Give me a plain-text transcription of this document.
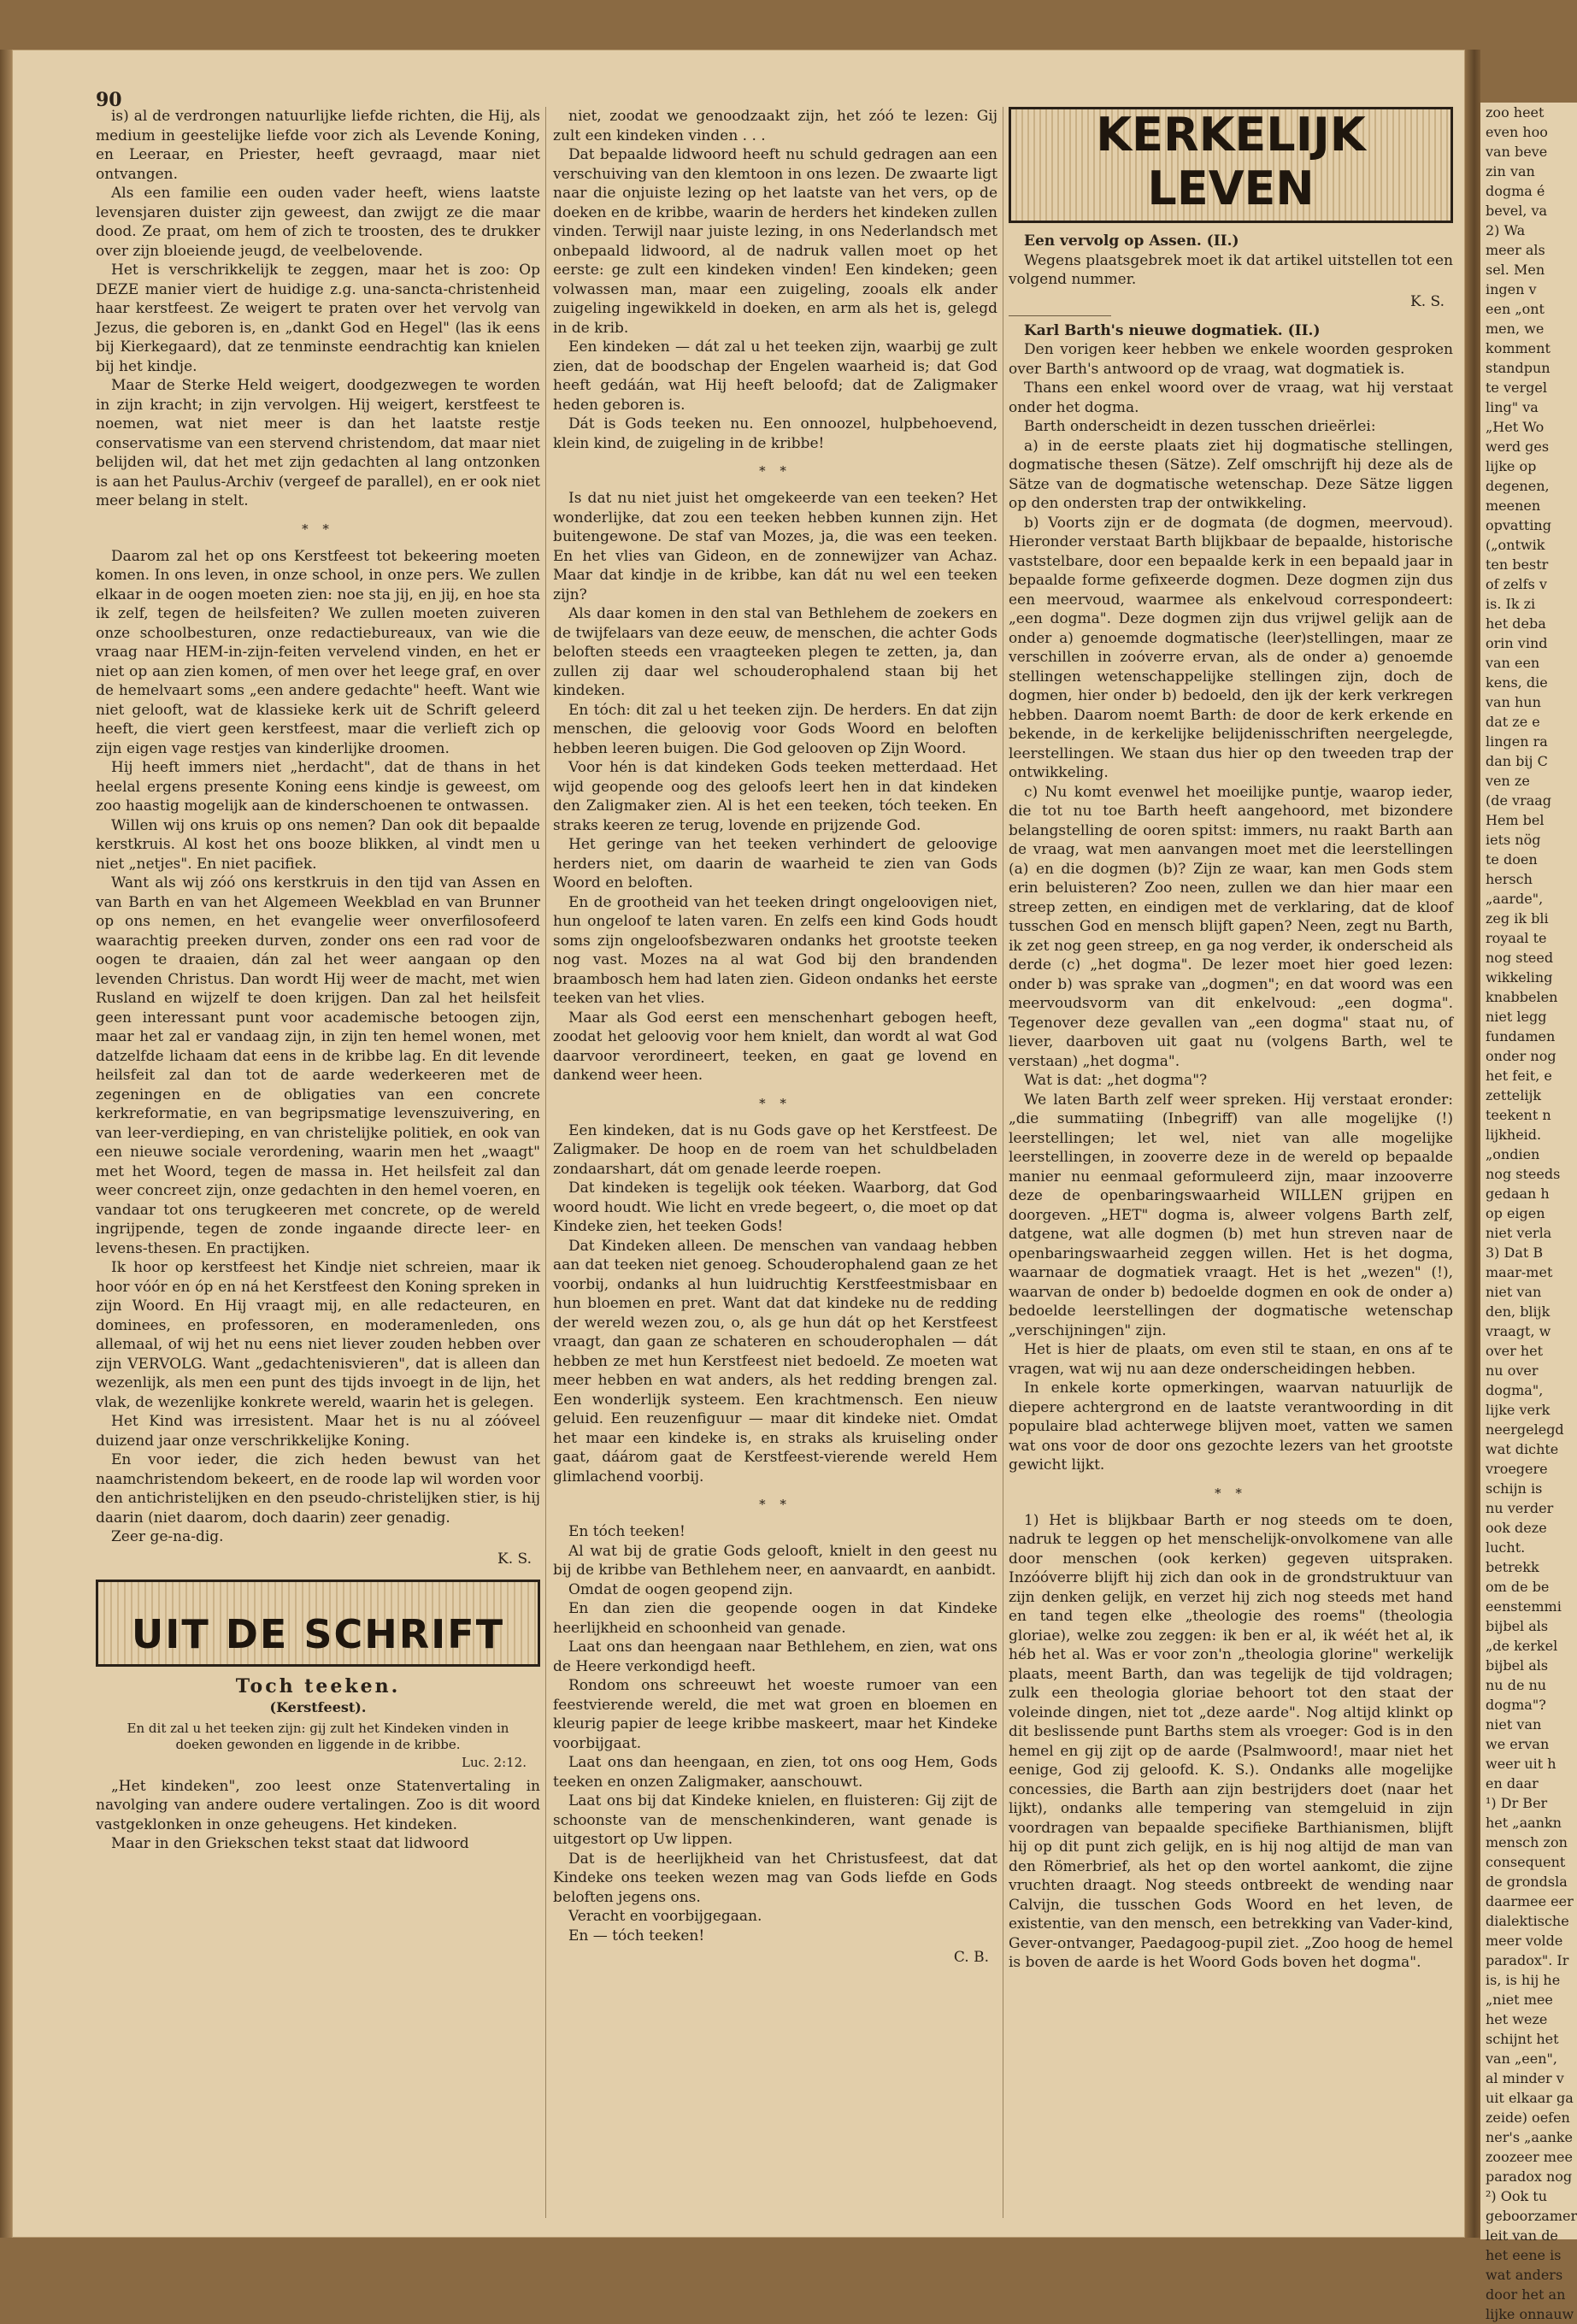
90

is) al de verdrongen natuurlijke liefde richten, die Hij, als medium in geestelijke liefde voor zich als Levende Koning, en Leeraar, en Priester, heeft gevraagd, maar niet ontvangen.

Als een familie een ouden vader heeft, wiens laatste levensjaren duister zijn geweest, dan zwijgt ze die maar dood. Ze praat, om hem of zich te troosten, des te drukker over zijn bloeiende jeugd, de veelbelovende.

Het is verschrikkelijk te zeggen, maar het is zoo: Op DEZE manier viert de huidige z.g. una-sancta-christenheid haar kerstfeest. Ze weigert te praten over het vervolg van Jezus, die geboren is, en „dankt God en Hegel" (las ik eens bij Kierkegaard), dat ze tenminste eendrachtig kan knielen bij het kindje.

Maar de Sterke Held weigert, doodgezwegen te worden in zijn kracht; in zijn vervolgen. Hij weigert, kerstfeest te noemen, wat niet meer is dan het laatste restje conservatisme van een stervend christendom, dat maar niet belijden wil, dat het met zijn gedachten al lang ontzonken is aan het Paulus-Archiv (vergeef de parallel), en er ook niet meer belang in stelt.

* *

Daarom zal het op ons Kerstfeest tot bekeering moeten komen. In ons leven, in onze school, in onze pers. We zullen elkaar in de oogen moeten zien: noe sta jij, en jij, en hoe sta ik zelf, tegen de heilsfeiten? We zullen moeten zuiveren onze schoolbesturen, onze redactiebureaux, van wie die vraag naar HEM-in-zijn-feiten vervelend vinden, en het er niet op aan zien komen, of men over het leege graf, en over de hemelvaart soms „een andere gedachte" heeft. Want wie niet gelooft, wat de klassieke kerk uit de Schrift geleerd heeft, die viert geen kerstfeest, maar die verlieft zich op zijn eigen vage restjes van kinderlijke droomen.

Hij heeft immers niet „herdacht", dat de thans in het heelal ergens presente Koning eens kindje is geweest, om zoo haastig mogelijk aan de kinderschoenen te ontwassen.

Willen wij ons kruis op ons nemen? Dan ook dit bepaalde kerstkruis. Al kost het ons booze blikken, al vindt men u niet „netjes". En niet pacifiek.

Want als wij zóó ons kerstkruis in den tijd van Assen en van Barth en van het Algemeen Weekblad en van Brunner op ons nemen, en het evangelie weer onverfilosofeerd waarachtig preeken durven, zonder ons een rad voor de oogen te draaien, dán zal het weer aangaan op den levenden Christus. Dan wordt Hij weer de macht, met wien Rusland en wijzelf te doen krijgen. Dan zal het heilsfeit geen interessant punt voor academische betoogen zijn, maar het zal er vandaag zijn, in zijn ten hemel wonen, met datzelfde lichaam dat eens in de kribbe lag. En dit levende heilsfeit zal dan tot de aarde wederkeeren met de zegeningen en de obligaties van een concrete kerkreformatie, en van begripsmatige levenszuivering, en van leer-verdieping, en van christelijke politiek, en ook van een nieuwe sociale verordening, waarin men het „waagt" met het Woord, tegen de massa in. Het heilsfeit zal dan weer concreet zijn, onze gedachten in den hemel voeren, en vandaar tot ons terugkeeren met concrete, op de wereld ingrijpende, tegen de zonde ingaande directe leer- en levens-thesen. En practijken.

Ik hoor op kerstfeest het Kindje niet schreien, maar ik hoor vóór en óp en ná het Kerstfeest den Koning spreken in zijn Woord. En Hij vraagt mij, en alle redacteuren, en dominees, en professoren, en moderamenleden, ons allemaal, of wij het nu eens niet liever zouden hebben over zijn VERVOLG. Want „gedachtenisvieren", dat is alleen dan wezenlijk, als men een punt des tijds invoegt in de lijn, het vlak, de wezenlijke konkrete wereld, waarin het is gelegen.

Het Kind was irresistent. Maar het is nu al zóóveel duizend jaar onze verschrikkelijke Koning.

En voor ieder, die zich heden bewust van het naamchristendom bekeert, en de roode lap wil worden voor den antichristelijken en den pseudo-christelijken stier, is hij daarin (niet daarom, doch daarin) zeer genadig.

Zeer ge-na-dig.

K. S.
UIT DE SCHRIFT
Toch teeken.
(Kerstfeest).
En dit zal u het teeken zijn: gij zult het Kindeken vinden in doeken gewonden en liggende in de kribbe.
Luc. 2:12.

„Het kindeken", zoo leest onze Statenvertaling in navolging van andere oudere vertalingen. Zoo is dit woord vastgeklonken in onze geheugens. Het kindeken.

Maar in den Griekschen tekst staat dat lidwoord

niet, zoodat we genoodzaakt zijn, het zóó te lezen: Gij zult een kindeken vinden . . .

Dat bepaalde lidwoord heeft nu schuld gedragen aan een verschuiving van den klemtoon in ons lezen. De zwaarte ligt naar die onjuiste lezing op het laatste van het vers, op de doeken en de kribbe, waarin de herders het kindeken zullen vinden. Terwijl naar juiste lezing, in ons Nederlandsch met onbepaald lidwoord, al de nadruk vallen moet op het eerste: ge zult een kindeken vinden! Een kindeken; geen volwassen man, maar een zuigeling, zooals elk ander zuigeling ingewikkeld in doeken, en arm als het is, gelegd in de krib.

Een kindeken — dát zal u het teeken zijn, waarbij ge zult zien, dat de boodschap der Engelen waarheid is; dat God heeft gedáán, wat Hij heeft beloofd; dat de Zaligmaker heden geboren is.

Dát is Gods teeken nu. Een onnoozel, hulpbehoevend, klein kind, de zuigeling in de kribbe!

* *

Is dat nu niet juist het omgekeerde van een teeken? Het wonderlijke, dat zou een teeken hebben kunnen zijn. Het buitengewone. De staf van Mozes, ja, die was een teeken. En het vlies van Gideon, en de zonnewijzer van Achaz. Maar dat kindje in de kribbe, kan dát nu wel een teeken zijn?

Als daar komen in den stal van Bethlehem de zoekers en de twijfelaars van deze eeuw, de menschen, die achter Gods beloften steeds een vraagteeken plegen te zetten, ja, dan zullen zij daar wel schouderophalend staan bij het kindeken.

En tóch: dit zal u het teeken zijn. De herders. En dat zijn menschen, die geloovig voor Gods Woord en beloften hebben leeren buigen. Die God gelooven op Zijn Woord.

Voor hén is dat kindeken Gods teeken metterdaad. Het wijd geopende oog des geloofs leert hen in dat kindeken den Zaligmaker zien. Al is het een teeken, tóch teeken. En straks keeren ze terug, lovende en prijzende God.

Het geringe van het teeken verhindert de geloovige herders niet, om daarin de waarheid te zien van Gods Woord en beloften.

En de grootheid van het teeken dringt ongeloovigen niet, hun ongeloof te laten varen. En zelfs een kind Gods houdt soms zijn ongeloofsbezwaren ondanks het grootste teeken nog vast. Mozes na al wat God bij den brandenden braambosch hem had laten zien. Gideon ondanks het eerste teeken van het vlies.

Maar als God eerst een menschenhart gebogen heeft, zoodat het geloovig voor hem knielt, dan wordt al wat God daarvoor verordineert, teeken, en gaat ge lovend en dankend weer heen.

* *

Een kindeken, dat is nu Gods gave op het Kerstfeest. De Zaligmaker. De hoop en de roem van het schuldbeladen zondaarshart, dát om genade leerde roepen.

Dat kindeken is tegelijk ook téeken. Waarborg, dat God woord houdt. Wie licht en vrede begeert, o, die moet op dat Kindeke zien, het teeken Gods!

Dat Kindeken alleen. De menschen van vandaag hebben aan dat teeken niet genoeg. Schouderophalend gaan ze het voorbij, ondanks al hun luidruchtig Kerstfeestmisbaar en hun bloemen en pret. Want dat dat kindeke nu de redding der wereld wezen zou, o, als ge hun dát op het Kerstfeest vraagt, dan gaan ze schateren en schouderophalen — dát hebben ze met hun Kerstfeest niet bedoeld. Ze moeten wat meer hebben en wat anders, als het redding brengen zal. Een wonderlijk systeem. Een krachtmensch. Een nieuw geluid. Een reuzenfiguur — maar dit kindeke niet. Omdat het maar een kindeke is, en straks als kruiseling onder gaat, dáárom gaat de Kerstfeest-vierende wereld Hem glimlachend voorbij.

* *

En tóch teeken!

Al wat bij de gratie Gods gelooft, knielt in den geest nu bij de kribbe van Bethlehem neer, en aanvaardt, en aanbidt.

Omdat de oogen geopend zijn.

En dan zien die geopende oogen in dat Kindeke heerlijkheid en schoonheid van genade.

Laat ons dan heengaan naar Bethlehem, en zien, wat ons de Heere verkondigd heeft.

Rondom ons schreeuwt het woeste rumoer van een feestvierende wereld, die met wat groen en bloemen en kleurig papier de leege kribbe maskeert, maar het Kindeke voorbijgaat.

Laat ons dan heengaan, en zien, tot ons oog Hem, Gods teeken en onzen Zaligmaker, aanschouwt.

Laat ons bij dat Kindeke knielen, en fluisteren: Gij zijt de schoonste van de menschenkinderen, want genade is uitgestort op Uw lippen.

Dat is de heerlijkheid van het Christusfeest, dat dat Kindeke ons teeken wezen mag van Gods liefde en Gods beloften jegens ons.

Veracht en voorbijgegaan.

En — tóch teeken!

C. B.
KERKELIJK LEVEN

Een vervolg op Assen. (II.)

Wegens plaatsgebrek moet ik dat artikel uitstellen tot een volgend nummer.

K. S.

Karl Barth's nieuwe dogmatiek. (II.)

Den vorigen keer hebben we enkele woorden gesproken over Barth's antwoord op de vraag, wat dogmatiek is.

Thans een enkel woord over de vraag, wat hij verstaat onder het dogma.

Barth onderscheidt in dezen tusschen drieërlei:

a) in de eerste plaats ziet hij dogmatische stellingen, dogmatische thesen (Sätze). Zelf omschrijft hij deze als de Sätze van de dogmatische wetenschap. Deze Sätze liggen op den ondersten trap der ontwikkeling.

b) Voorts zijn er de dogmata (de dogmen, meervoud). Hieronder verstaat Barth blijkbaar de bepaalde, historische vaststelbare, door een bepaalde kerk in een bepaald jaar in bepaalde forme gefixeerde dogmen. Deze dogmen zijn dus een meervoud, waarmee als enkelvoud correspondeert: „een dogma". Deze dogmen zijn dus vrijwel gelijk aan de onder a) genoemde dogmatische (leer)stellingen, maar ze verschillen in zoóverre ervan, als de onder a) genoemde stellingen wetenschappelijke stellingen zijn, doch de dogmen, hier onder b) bedoeld, den ijk der kerk verkregen hebben. Daarom noemt Barth: de door de kerk erkende en bekende, in de kerkelijke belijdenisschriften neergelegde, leerstellingen. We staan dus hier op den tweeden trap der ontwikkeling.

c) Nu komt evenwel het moeilijke puntje, waarop ieder, die tot nu toe Barth heeft aangehoord, met bizondere belangstelling de ooren spitst: immers, nu raakt Barth aan de vraag, wat men aanvangen moet met die leerstellingen (a) en die dogmen (b)? Zijn ze waar, kan men Gods stem erin beluisteren? Zoo neen, zullen we dan hier maar een streep zetten, en eindigen met de verklaring, dat de kloof tusschen God en mensch blijft gapen? Neen, zegt nu Barth, ik zet nog geen streep, en ga nog verder, ik onderscheid als derde (c) „het dogma". De lezer moet hier goed lezen: onder b) was sprake van „dogmen"; en dat woord was een meervoudsvorm van dit enkelvoud: „een dogma". Tegenover deze gevallen van „een dogma" staat nu, of liever, daarboven uit gaat nu (volgens Barth, wel te verstaan) „het dogma".

Wat is dat: „het dogma"?

We laten Barth zelf weer spreken. Hij verstaat eronder: „die summatiing (Inbegriff) van alle mogelijke (!) leerstellingen; let wel, niet van alle mogelijke leerstellingen, in zooverre deze in de wereld op bepaalde manier nu eenmaal geformuleerd zijn, maar inzooverre deze de openbaringswaarheid WILLEN grijpen en doorgeven. „HET" dogma is, alweer volgens Barth zelf, datgene, wat alle dogmen (b) met hun streven naar de openbaringswaarheid zeggen willen. Het is het dogma, waarnaar de dogmatiek vraagt. Het is het „wezen" (!), waarvan de onder b) bedoelde dogmen en ook de onder a) bedoelde leerstellingen der dogmatische wetenschap „verschijningen" zijn.

Het is hier de plaats, om even stil te staan, en ons af te vragen, wat wij nu aan deze onderscheidingen hebben.

In enkele korte opmerkingen, waarvan natuurlijk de diepere achtergrond en de laatste verantwoording in dit populaire blad achterwege blijven moet, vatten we samen wat ons voor de door ons gezochte lezers van het grootste gewicht lijkt.

* *

1) Het is blijkbaar Barth er nog steeds om te doen, nadruk te leggen op het menschelijk-onvolkomene van alle door menschen (ook kerken) gegeven uitspraken. Inzóóverre blijft hij zich dan ook in de grondstruktuur van zijn denken gelijk, en verzet hij zich nog steeds met hand en tand tegen elke „theologie des roems" (theologia gloriae), welke zou zeggen: ik ben er al, ik wéét het al, ik héb het al. Was er voor zon'n „theologia glorine" werkelijk plaats, meent Barth, dan was tegelijk de tijd voldragen; zulk een theologia gloriae behoort tot den staat der voleinde dingen, niet tot „deze aarde". Nog altijd klinkt op dit beslissende punt Barths stem als vroeger: God is in den hemel en gij zijt op de aarde (Psalmwoord!, maar niet het eenige, God zij geloofd. K. S.). Ondanks alle mogelijke concessies, die Barth aan zijn bestrijders doet (naar het lijkt), ondanks alle tempering van stemgeluid in zijn voordragen van bepaalde specifieke Barthianismen, blijft hij op dit punt zich gelijk, en is hij nog altijd de man van den Römerbrief, als het op den wortel aankomt, die zijne vruchten draagt. Nog steeds ontbreekt de wending naar Calvijn, die tusschen Gods Woord en het leven, de existentie, van den mensch, een betrekking van Vader-kind, Gever-ontvanger, Paedagoog-pupil ziet. „Zoo hoog de hemel is boven de aarde is het Woord Gods boven het dogma".

zoo heet

even hoo

van beve

zin van

dogma é

bevel, va

2) Wa

meer als

sel. Men

ingen v

een „ont

men, we

komment

standpun

te vergel

ling" va

„Het Wo

werd ges

lijke op

degenen,

meenen

opvatting

(„ontwik

ten bestr

of zelfs v

is. Ik zi

het deba

orin vind

van een

kens, die

van hun

dat ze e

lingen ra

dan bij C

ven ze

(de vraag

Hem bel

iets nög

te doen

hersch

„aarde",

zeg ik bli

royaal te

nog steed

wikkeling

knabbelen

niet legg

fundamen

onder nog

het feit, e

zettelijk

teekent n

lijkheid.

„ondien

nog steeds

gedaan h

op eigen

niet verla

3) Dat B

maar-met

niet van

den, blijk

vraagt, w

over het

nu over

dogma",

lijke verk

neergelegd

wat dichte

vroegere

schijn is

nu verder

ook deze

lucht.

betrekk

om de be

eenstemmi

bijbel als

„de kerkel

bijbel als

nu de nu

dogma"?

niet van

we ervan

weer uit h

en daar

¹) Dr Ber

het „aankn

mensch zon

consequent

de grondsla

daarmee eer

dialektische

meer volde

paradox". Ir

is, is hij he

„niet mee

het weze

schijnt het

van „een",

al minder v

uit elkaar ga

zeide) oefen

ner's „aanke

zoozeer mee

paradox nog

²) Ook tu

geboorzamer

leit van de

het eene is

wat anders

door het an

lijke onnauw
